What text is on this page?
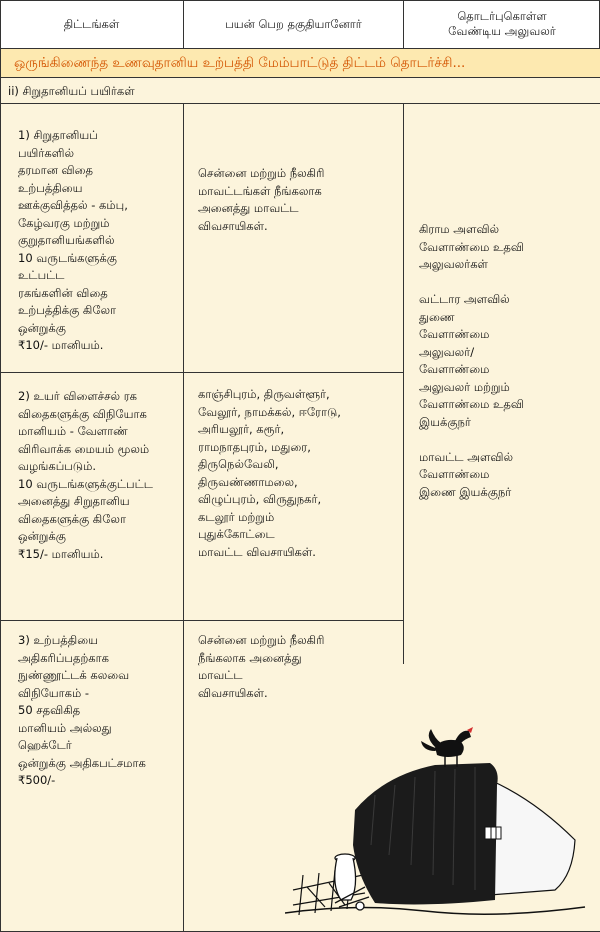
திட்டங்கள்	பயன் பெற தகுதியானோர்
தொடர்புகொள்ள
வேண்டிய அலுவலர்
ஒருங்கிணைந்த உணவுதானிய உற்பத்தி மேம்பாட்டுத் திட்டம் தொடர்ச்சி...
ii) சிறுதானியப் பயிர்கள்
1) சிறுதானியப்
பயிர்களில்
தரமான விதை
உற்பத்தியை
ஊக்குவித்தல் - கம்பு,
கேழ்வரகு மற்றும்
குறுதானியங்களில்
10 வருடங்களுக்கு
உட்பட்ட
ரகங்களின் விதை
உற்பத்திக்கு கிலோ
ஒன்றுக்கு
₹10/- மானியம்.
சென்னை மற்றும் நீலகிரி
மாவட்டங்கள் நீங்கலாக
அனைத்து மாவட்ட
விவசாயிகள்.
2) உயர் விளைச்சல் ரக
விதைகளுக்கு விநியோக
மானியம் - வேளாண்
விரிவாக்க மையம் மூலம்
வழங்கப்படும்.
10 வருடங்களுக்குட்பட்ட
அனைத்து சிறுதானிய
விதைகளுக்கு கிலோ
ஒன்றுக்கு
₹15/- மானியம்.
காஞ்சிபுரம், திருவள்ளூர்,
வேலூர், நாமக்கல், ஈரோடு,
அரியலூர், கரூர்,
ராமநாதபுரம், மதுரை,
திருநெல்வேலி,
திருவண்ணாமலை,
விழுப்புரம், விருதுநகர்,
கடலூர் மற்றும்
புதுக்கோட்டை
மாவட்ட விவசாயிகள்.
3) உற்பத்தியை
அதிகரிப்பதற்காக
நுண்ணூட்டக் கலவை
விநியோகம் -
50 சதவிகித
மானியம் அல்லது
ஹெக்டேர்
ஒன்றுக்கு அதிகபட்சமாக
₹500/-
சென்னை மற்றும் நீலகிரி
நீங்கலாக அனைத்து
மாவட்ட
விவசாயிகள்.
கிராம அளவில்
வேளாண்மை உதவி
அலுவலர்கள்

வட்டார அளவில்
துணை
வேளாண்மை
அலுவலர்/
வேளாண்மை
அலுவலர் மற்றும்
வேளாண்மை உதவி
இயக்குநர்

மாவட்ட அளவில்
வேளாண்மை
இணை இயக்குநர்
